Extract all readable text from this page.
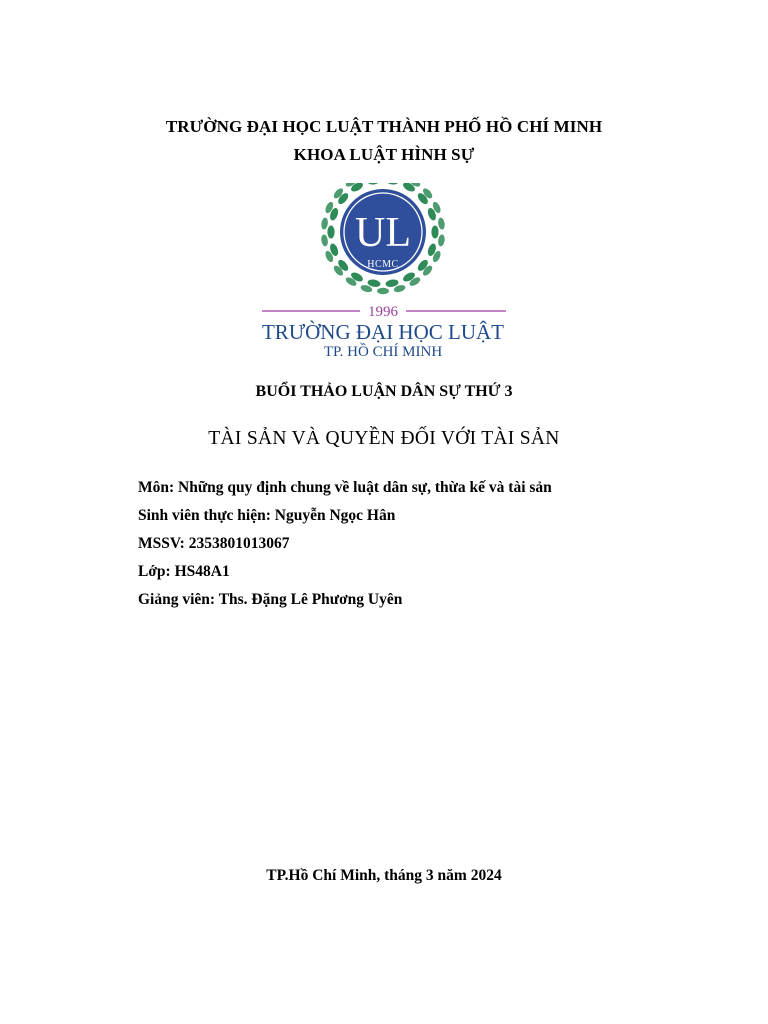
TRƯỜNG ĐẠI HỌC LUẬT THÀNH PHỐ HỒ CHÍ MINH
KHOA LUẬT HÌNH SỰ
UL
HCMC
1996
TRƯỜNG ĐẠI HỌC LUẬT
TP. HỒ CHÍ MINH
BUỔI THẢO LUẬN DÂN SỰ THỨ 3
TÀI SẢN VÀ QUYỀN ĐỐI VỚI TÀI SẢN
Môn: Những quy định chung về luật dân sự, thừa kế và tài sản
Sinh viên thực hiện: Nguyễn Ngọc Hân
MSSV: 2353801013067
Lớp: HS48A1
Giảng viên: Ths. Đặng Lê Phương Uyên
TP.Hồ Chí Minh, tháng 3 năm 2024
